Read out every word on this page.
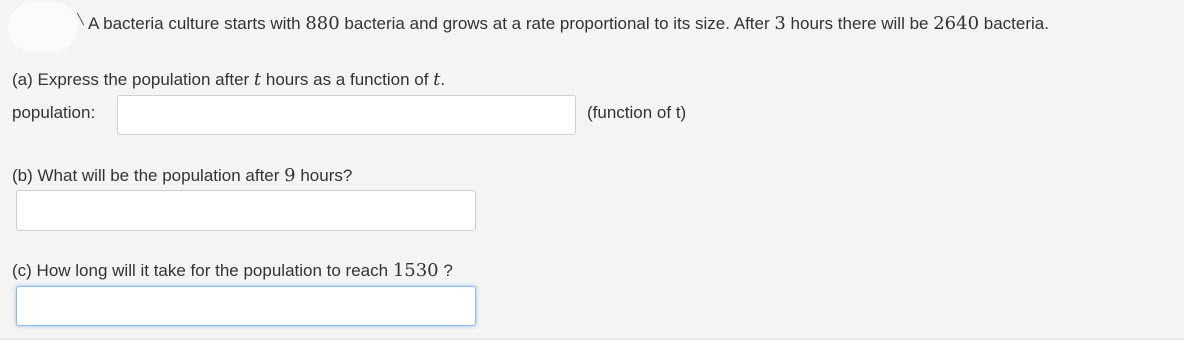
A bacteria culture starts with 880 bacteria and grows at a rate proportional to its size. After 3 hours there will be 2640 bacteria.
(a) Express the population after t hours as a function of t.
population:	(function of t)
(b) What will be the population after 9 hours?
(c) How long will it take for the population to reach 1530 ?
